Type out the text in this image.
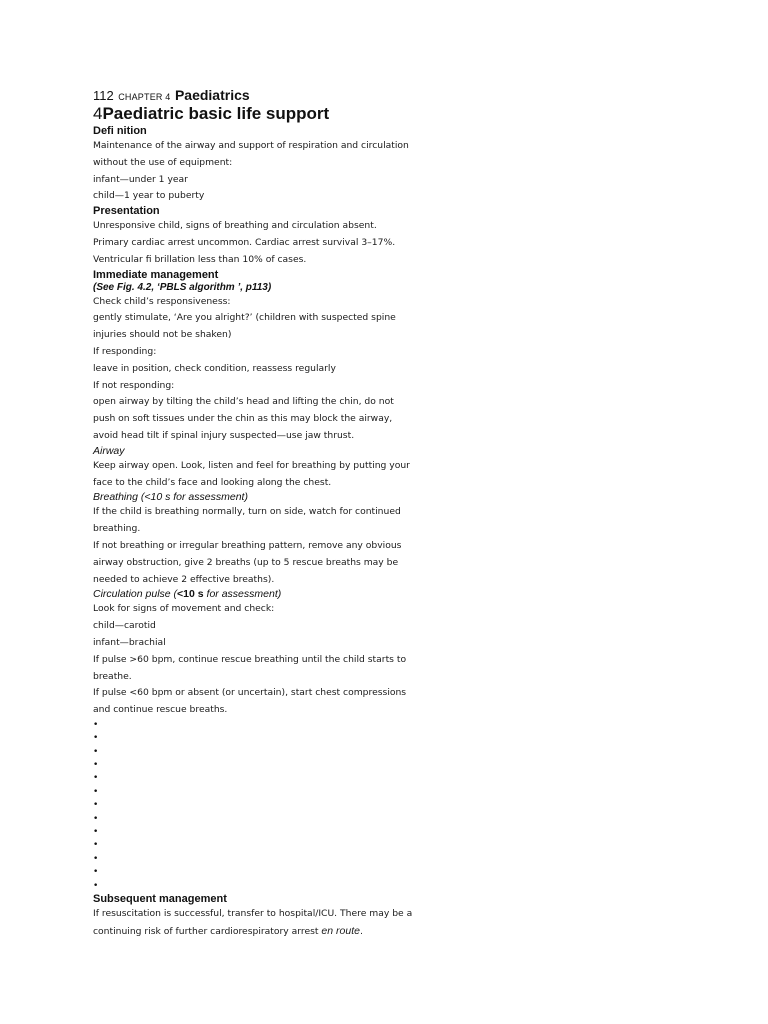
112 CHAPTER 4 Paediatrics
4Paediatric basic life support
Defi nition
Maintenance of the airway and support of respiration and circulation
without the use of equipment:
infant—under 1 year
child—1 year to puberty
Presentation
Unresponsive child, signs of breathing and circulation absent.
Primary cardiac arrest uncommon. Cardiac arrest survival 3–17%.
Ventricular fi brillation less than 10% of cases.
Immediate management
(See Fig. 4.2, ‘PBLS algorithm ’, p113)
Check child’s responsiveness:
gently stimulate, ‘Are you alright?’ (children with suspected spine
injuries should not be shaken)
If responding:
leave in position, check condition, reassess regularly
If not responding:
open airway by tilting the child’s head and lifting the chin, do not
push on soft tissues under the chin as this may block the airway,
avoid head tilt if spinal injury suspected—use jaw thrust.
Airway
Keep airway open. Look, listen and feel for breathing by putting your
face to the child’s face and looking along the chest.
Breathing (<10 s for assessment)
If the child is breathing normally, turn on side, watch for continued
breathing.
If not breathing or irregular breathing pattern, remove any obvious
airway obstruction, give 2 breaths (up to 5 rescue breaths may be
needed to achieve 2 effective breaths).
Circulation pulse (<10 s for assessment)
Look for signs of movement and check:
child—carotid
infant—brachial
If pulse >60 bpm, continue rescue breathing until the child starts to
breathe.
If pulse <60 bpm or absent (or uncertain), start chest compressions
and continue rescue breaths.
•
•
•
•
•
•
•
•
•
•
•
•
•
Subsequent management
If resuscitation is successful, transfer to hospital/ICU. There may be a
continuing risk of further cardiorespiratory arrest en route.
